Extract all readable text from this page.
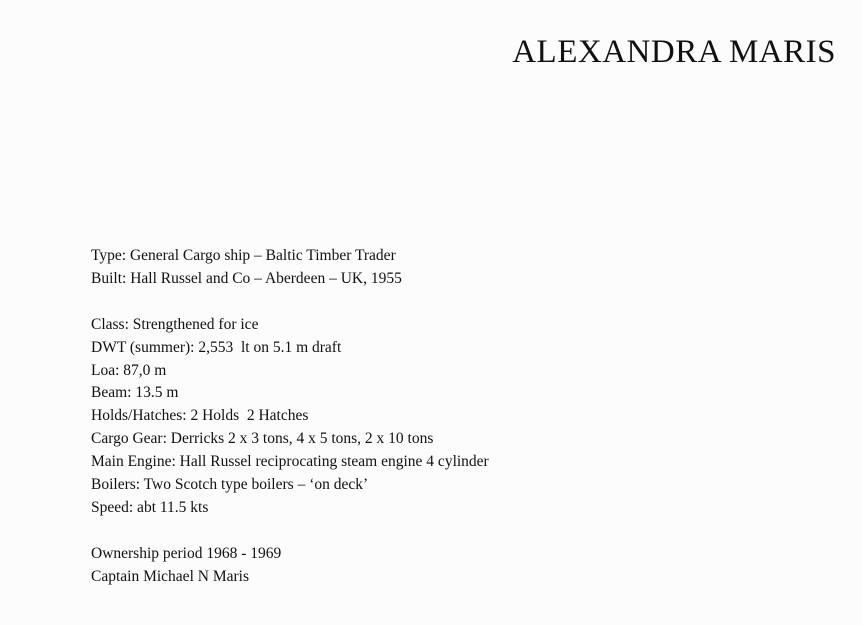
ALEXANDRA MARIS
Type: General Cargo ship – Baltic Timber Trader
Built: Hall Russel and Co – Aberdeen – UK, 1955
Class: Strengthened for ice
DWT (summer): 2,553  lt on 5.1 m draft
Loa: 87,0 m
Beam: 13.5 m
Holds/Hatches: 2 Holds  2 Hatches
Cargo Gear: Derricks 2 x 3 tons, 4 x 5 tons, 2 x 10 tons
Main Engine: Hall Russel reciprocating steam engine 4 cylinder
Boilers: Two Scotch type boilers – ‘on deck’
Speed: abt 11.5 kts
Ownership period 1968 - 1969
Captain Michael N Maris
